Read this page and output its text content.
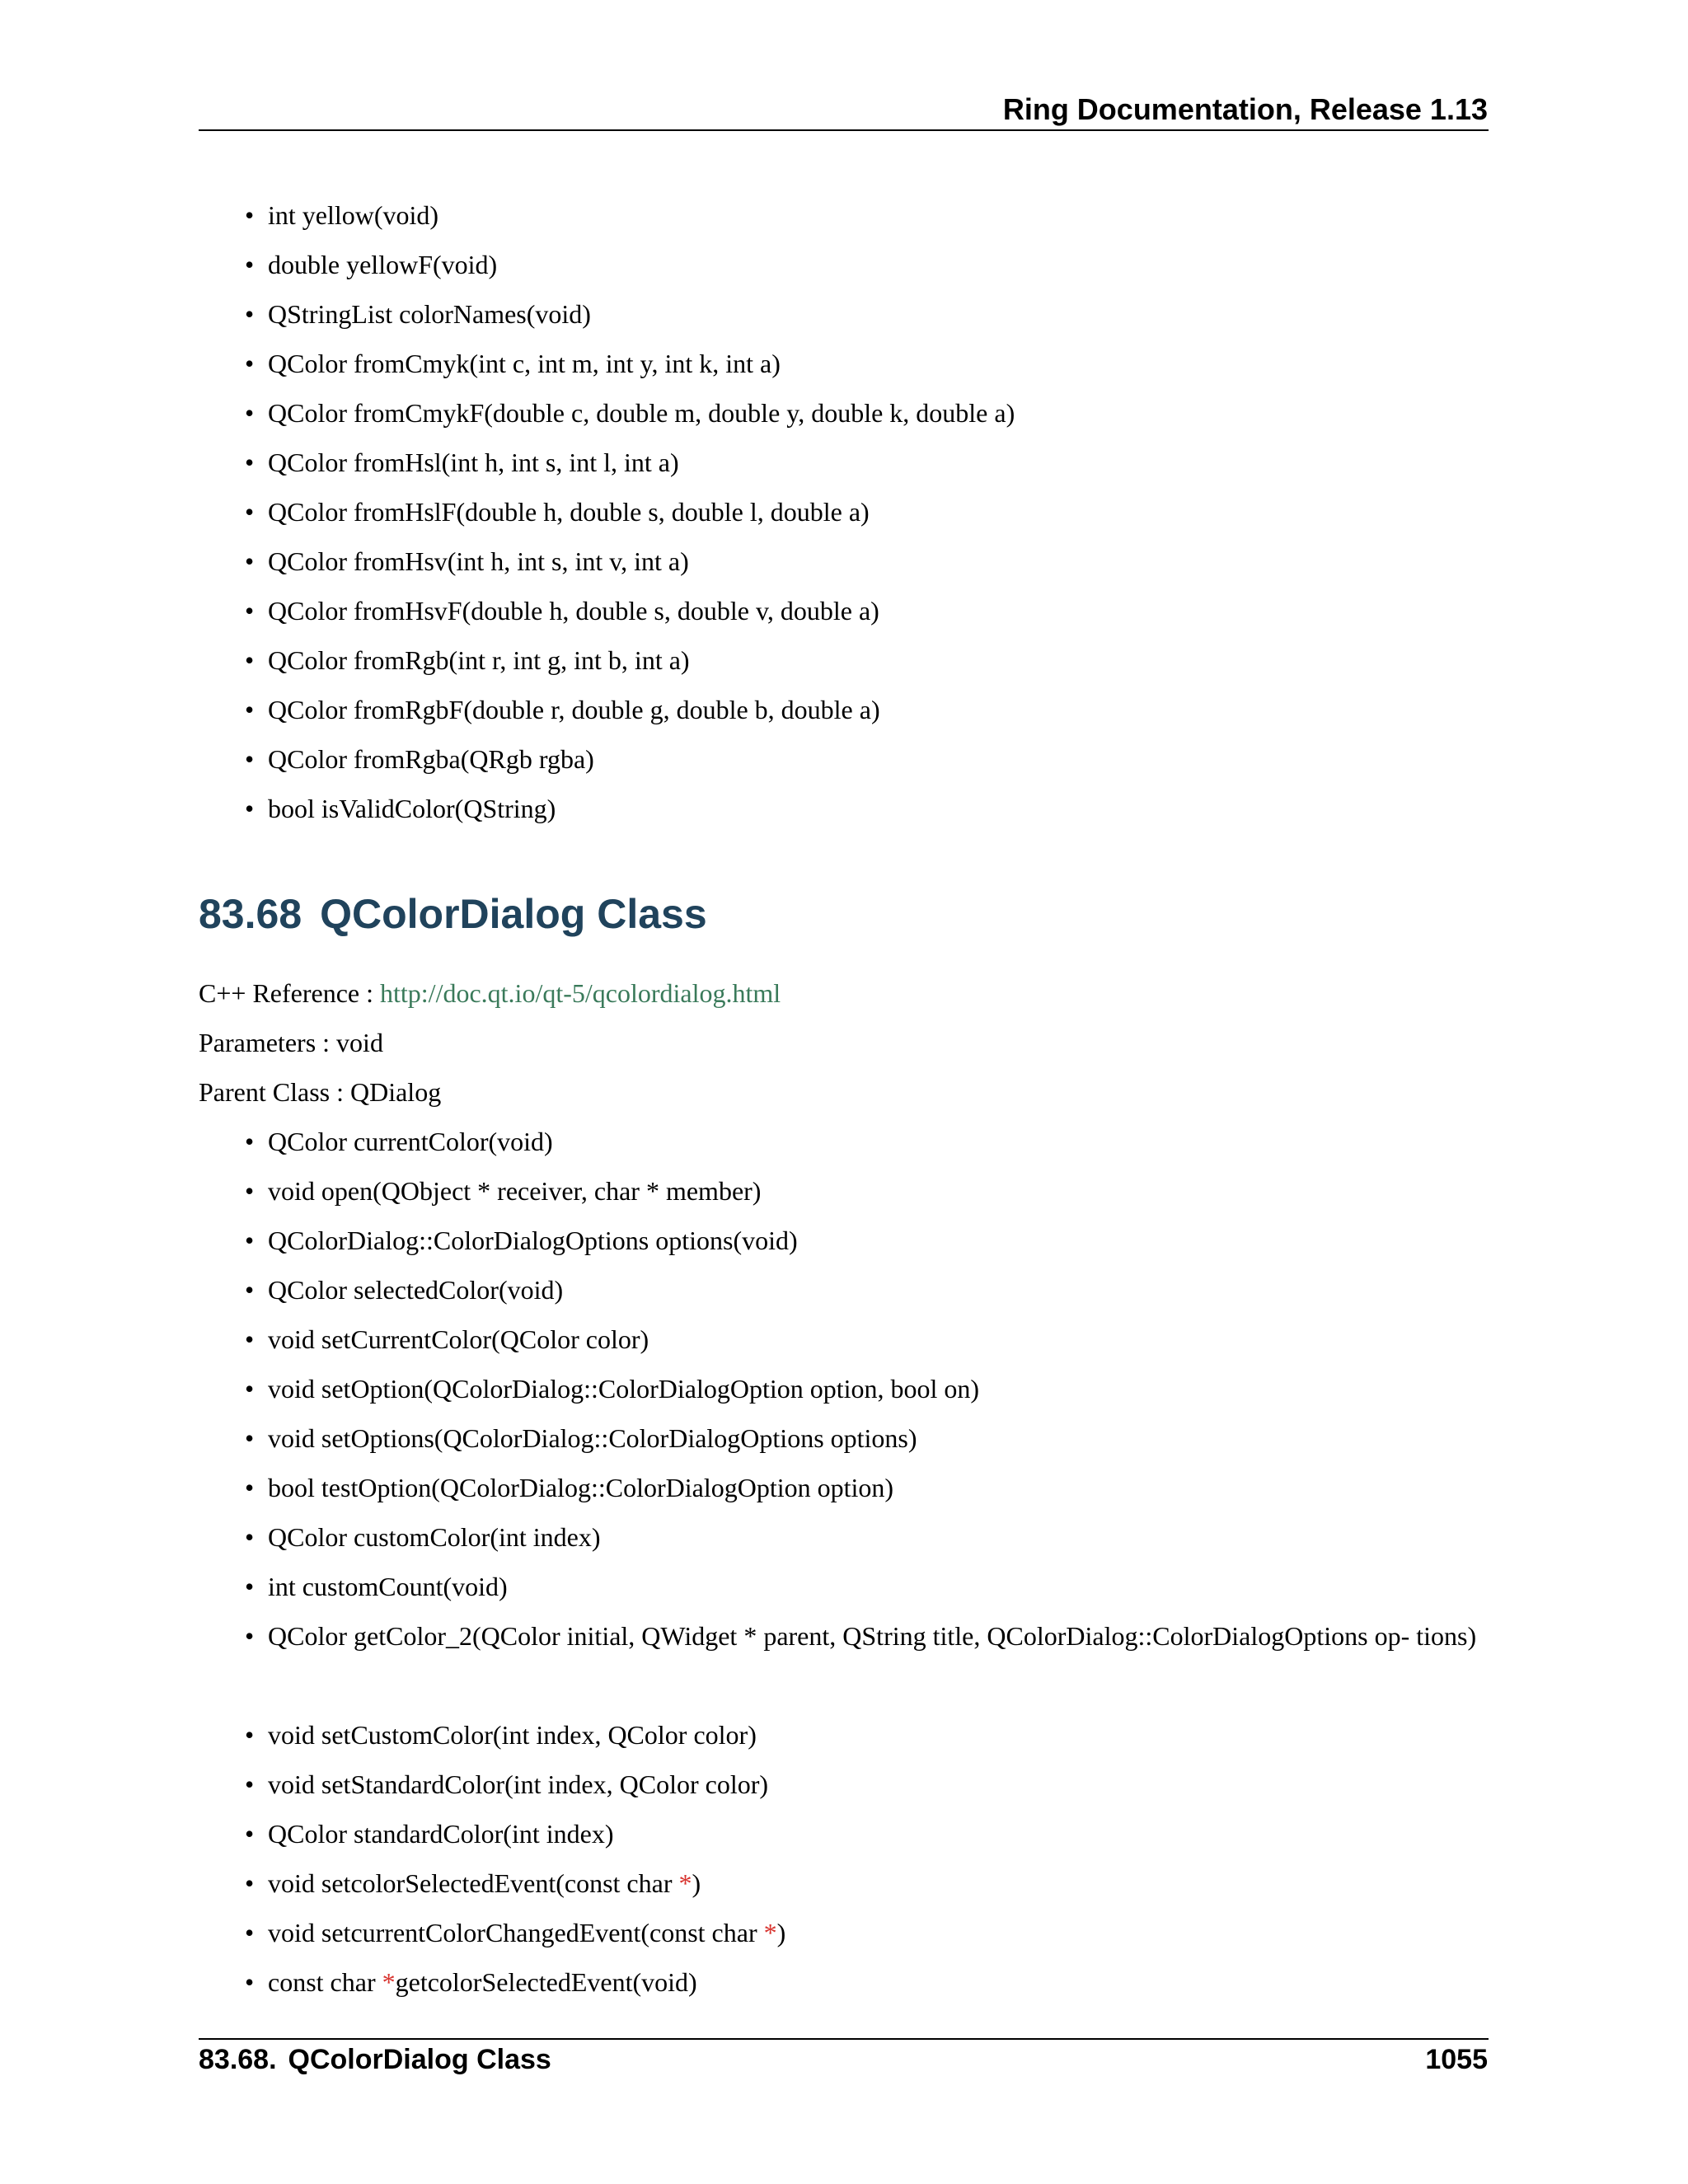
Ring Documentation, Release 1.13
• int yellow(void)
• double yellowF(void)
• QStringList colorNames(void)
• QColor fromCmyk(int c, int m, int y, int k, int a)
• QColor fromCmykF(double c, double m, double y, double k, double a)
• QColor fromHsl(int h, int s, int l, int a)
• QColor fromHslF(double h, double s, double l, double a)
• QColor fromHsv(int h, int s, int v, int a)
• QColor fromHsvF(double h, double s, double v, double a)
• QColor fromRgb(int r, int g, int b, int a)
• QColor fromRgbF(double r, double g, double b, double a)
• QColor fromRgba(QRgb rgba)
• bool isValidColor(QString)
83.68 QColorDialog Class
C++ Reference : http://doc.qt.io/qt-5/qcolordialog.html
Parameters : void
Parent Class : QDialog
• QColor currentColor(void)
• void open(QObject * receiver, char * member)
• QColorDialog::ColorDialogOptions options(void)
• QColor selectedColor(void)
• void setCurrentColor(QColor color)
• void setOption(QColorDialog::ColorDialogOption option, bool on)
• void setOptions(QColorDialog::ColorDialogOptions options)
• bool testOption(QColorDialog::ColorDialogOption option)
• QColor customColor(int index)
• int customCount(void)
• QColor getColor_2(QColor initial, QWidget * parent, QString title, QColorDialog::ColorDialogOptions op- tions)
• void setCustomColor(int index, QColor color)
• void setStandardColor(int index, QColor color)
• QColor standardColor(int index)
• void setcolorSelectedEvent(const char *)
• void setcurrentColorChangedEvent(const char *)
• const char *getcolorSelectedEvent(void)
83.68. QColorDialog Class	1055
